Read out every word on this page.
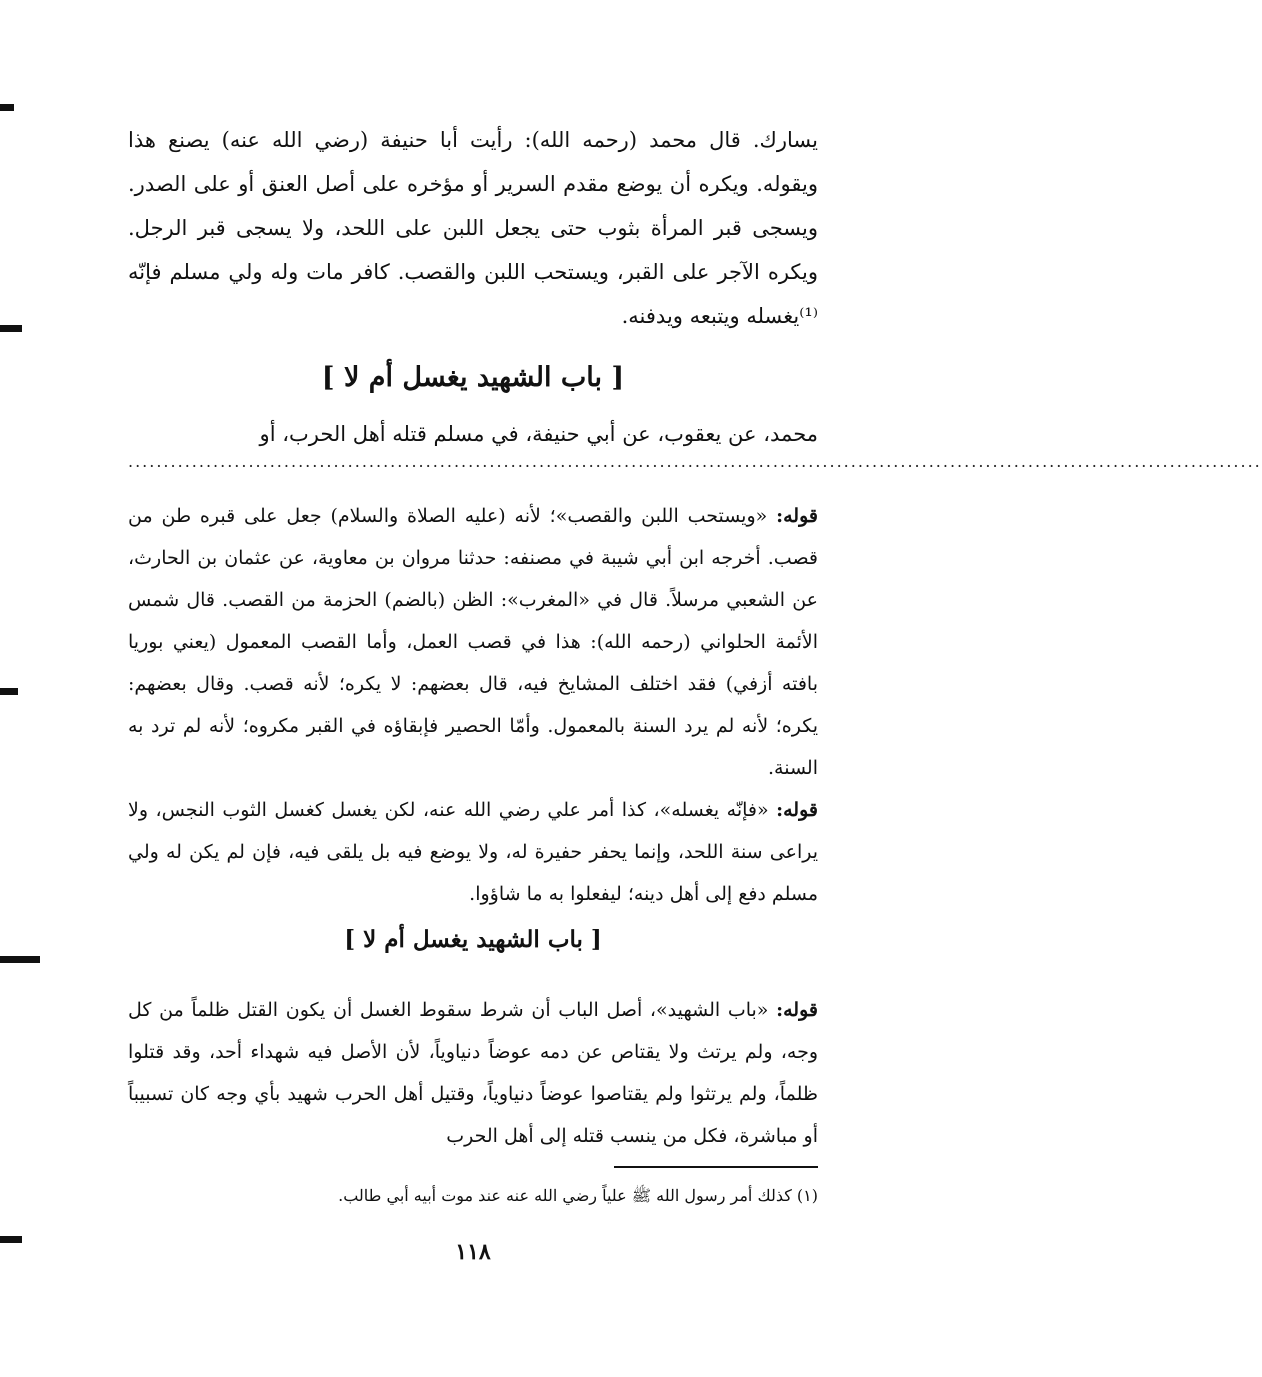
يسارك. قال محمد (رحمه الله): رأيت أبا حنيفة (رضي الله عنه) يصنع هذا ويقوله. ويكره أن يوضع مقدم السرير أو مؤخره على أصل العنق أو على الصدر. ويسجى قبر المرأة بثوب حتى يجعل اللبن على اللحد، ولا يسجى قبر الرجل. ويكره الآجر على القبر، ويستحب اللبن والقصب. كافر مات وله ولي مسلم فإنّه ⁽¹⁾يغسله ويتبعه ويدفنه.

[ باب الشهيد يغسل أم لا ]

محمد، عن يعقوب، عن أبي حنيفة، في مسلم قتله أهل الحرب، أو

................................................................................................................................................................

قوله: «ويستحب اللبن والقصب»؛ لأنه (عليه الصلاة والسلام) جعل على قبره طن من قصب. أخرجه ابن أبي شيبة في مصنفه: حدثنا مروان بن معاوية، عن عثمان بن الحارث، عن الشعبي مرسلاً. قال في «المغرب»: الظن (بالضم) الحزمة من القصب. قال شمس الأئمة الحلواني (رحمه الله): هذا في قصب العمل، وأما القصب المعمول (يعني بوريا بافته أزفي) فقد اختلف المشايخ فيه، قال بعضهم: لا يكره؛ لأنه قصب. وقال بعضهم: يكره؛ لأنه لم يرد السنة بالمعمول. وأمّا الحصير فإبقاؤه في القبر مكروه؛ لأنه لم ترد به السنة.

قوله: «فإنّه يغسله»، كذا أمر علي رضي الله عنه، لكن يغسل كغسل الثوب النجس، ولا يراعى سنة اللحد، وإنما يحفر حفيرة له، ولا يوضع فيه بل يلقى فيه، فإن لم يكن له ولي مسلم دفع إلى أهل دينه؛ ليفعلوا به ما شاؤوا.

[ باب الشهيد يغسل أم لا ]

قوله: «باب الشهيد»، أصل الباب أن شرط سقوط الغسل أن يكون القتل ظلماً من كل وجه، ولم يرتث ولا يقتاص عن دمه عوضاً دنياوياً، لأن الأصل فيه شهداء أحد، وقد قتلوا ظلماً، ولم يرتثوا ولم يقتاصوا عوضاً دنياوياً، وقتيل أهل الحرب شهيد بأي وجه كان تسبيباً أو مباشرة، فكل من ينسب قتله إلى أهل الحرب

(١) كذلك أمر رسول الله ﷺ علياً رضي الله عنه عند موت أبيه أبي طالب.

١١٨
